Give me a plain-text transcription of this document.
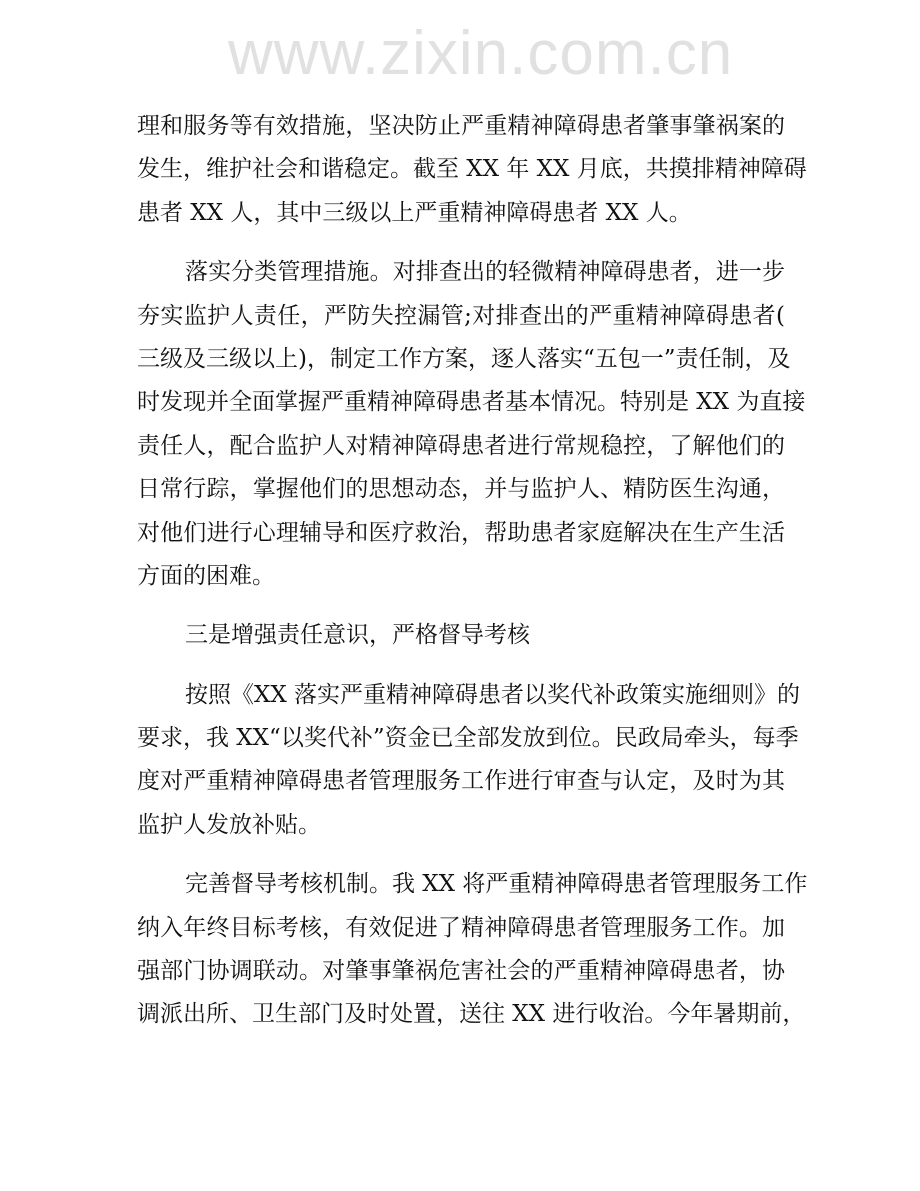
www.zixin.com.cn
理和服务等有效措施，坚决防止严重精神障碍患者肇事肇祸案的
发生，维护社会和谐稳定。截至 XX 年 XX 月底，共摸排精神障碍
患者 XX 人，其中三级以上严重精神障碍患者 XX 人。
落实分类管理措施。对排查出的轻微精神障碍患者，进一步
夯实监护人责任，严防失控漏管;对排查出的严重精神障碍患者(
三级及三级以上)，制定工作方案，逐人落实“五包一”责任制，及
时发现并全面掌握严重精神障碍患者基本情况。特别是 XX 为直接
责任人，配合监护人对精神障碍患者进行常规稳控，了解他们的
日常行踪，掌握他们的思想动态，并与监护人、精防医生沟通，
对他们进行心理辅导和医疗救治，帮助患者家庭解决在生产生活
方面的困难。
三是增强责任意识，严格督导考核
按照《XX 落实严重精神障碍患者以奖代补政策实施细则》的
要求，我 XX“以奖代补”资金已全部发放到位。民政局牵头，每季
度对严重精神障碍患者管理服务工作进行审查与认定，及时为其
监护人发放补贴。
完善督导考核机制。我 XX 将严重精神障碍患者管理服务工作
纳入年终目标考核，有效促进了精神障碍患者管理服务工作。加
强部门协调联动。对肇事肇祸危害社会的严重精神障碍患者，协
调派出所、卫生部门及时处置，送往 XX 进行收治。今年暑期前，
